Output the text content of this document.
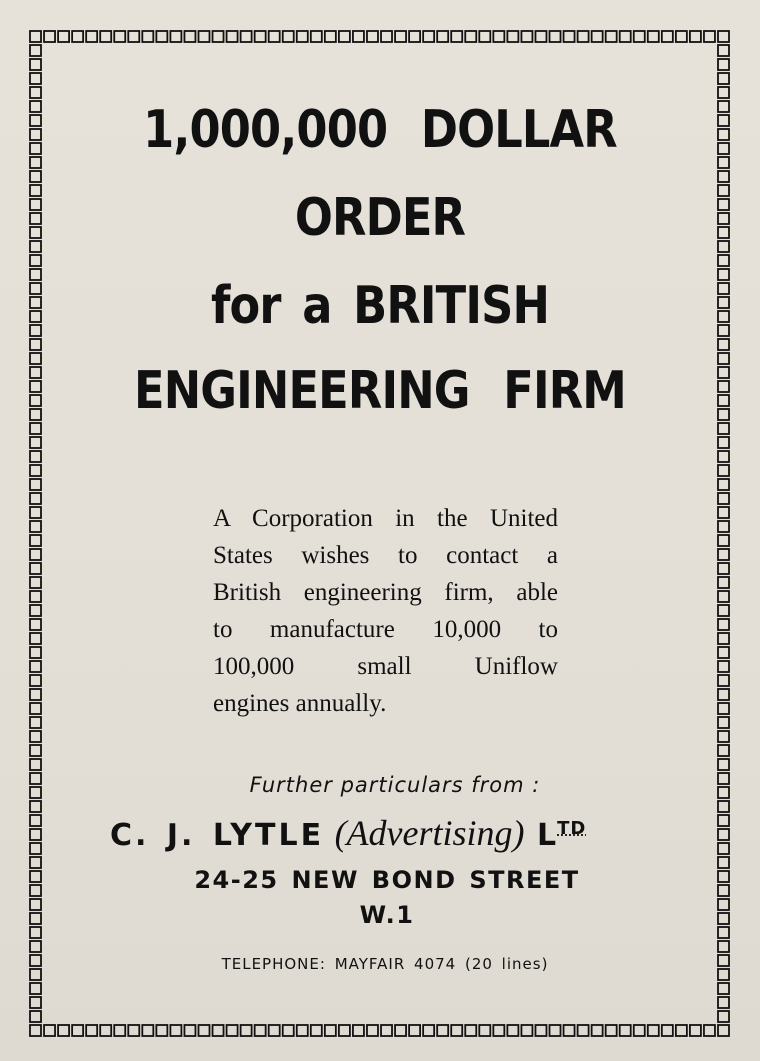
1,000,000 DOLLAR
ORDER
for a BRITISH
ENGINEERING FIRM

A Corporation in the United
States wishes to contact a
British engineering firm, able
to manufacture 10,000 to
100,000 small Uniflow
engines annually.

Further particulars from :

C. J. LYTLE (Advertising) $L^{TD}$

24-25 NEW BOND STREET

W.1

TELEPHONE: MAYFAIR 4074 (20 lines)
